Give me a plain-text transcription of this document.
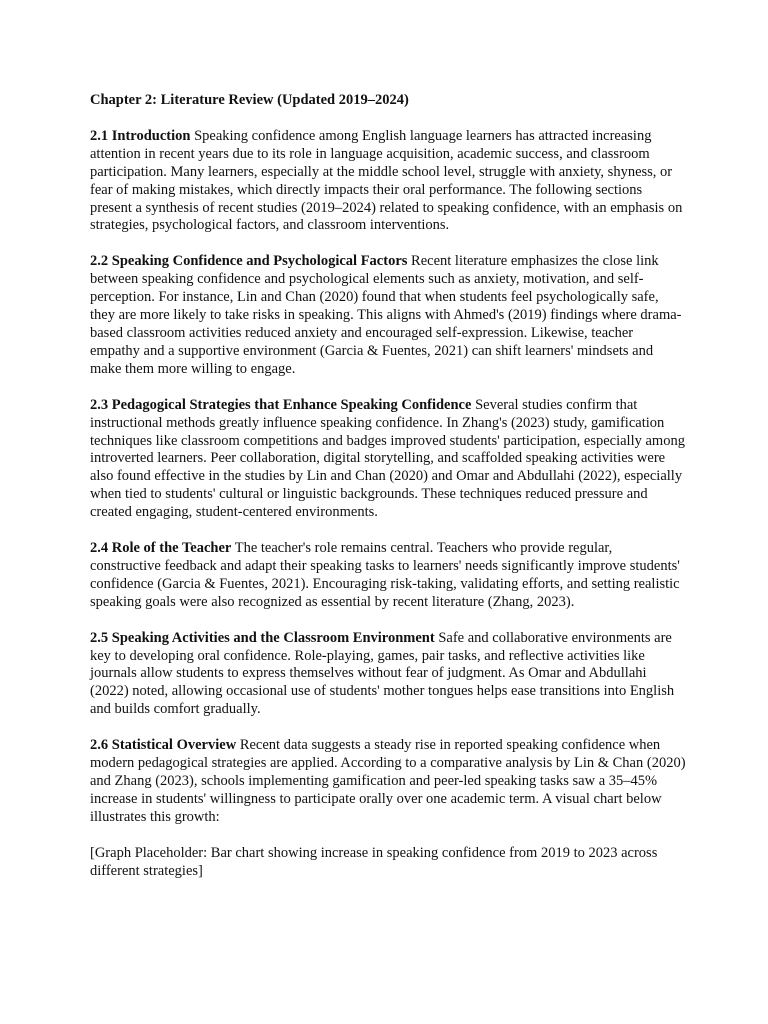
Chapter 2: Literature Review (Updated 2019–2024)

2.1 Introduction Speaking confidence among English language learners has attracted increasing attention in recent years due to its role in language acquisition, academic success, and classroom participation. Many learners, especially at the middle school level, struggle with anxiety, shyness, or fear of making mistakes, which directly impacts their oral performance. The following sections present a synthesis of recent studies (2019–2024) related to speaking confidence, with an emphasis on strategies, psychological factors, and classroom interventions.

2.2 Speaking Confidence and Psychological Factors Recent literature emphasizes the close link between speaking confidence and psychological elements such as anxiety, motivation, and self-perception. For instance, Lin and Chan (2020) found that when students feel psychologically safe, they are more likely to take risks in speaking. This aligns with Ahmed's (2019) findings where drama-based classroom activities reduced anxiety and encouraged self-expression. Likewise, teacher empathy and a supportive environment (Garcia & Fuentes, 2021) can shift learners' mindsets and make them more willing to engage.

2.3 Pedagogical Strategies that Enhance Speaking Confidence Several studies confirm that instructional methods greatly influence speaking confidence. In Zhang's (2023) study, gamification techniques like classroom competitions and badges improved students' participation, especially among introverted learners. Peer collaboration, digital storytelling, and scaffolded speaking activities were also found effective in the studies by Lin and Chan (2020) and Omar and Abdullahi (2022), especially when tied to students' cultural or linguistic backgrounds. These techniques reduced pressure and created engaging, student-centered environments.

2.4 Role of the Teacher The teacher's role remains central. Teachers who provide regular, constructive feedback and adapt their speaking tasks to learners' needs significantly improve students' confidence (Garcia & Fuentes, 2021). Encouraging risk-taking, validating efforts, and setting realistic speaking goals were also recognized as essential by recent literature (Zhang, 2023).

2.5 Speaking Activities and the Classroom Environment Safe and collaborative environments are key to developing oral confidence. Role-playing, games, pair tasks, and reflective activities like journals allow students to express themselves without fear of judgment. As Omar and Abdullahi (2022) noted, allowing occasional use of students' mother tongues helps ease transitions into English and builds comfort gradually.

2.6 Statistical Overview Recent data suggests a steady rise in reported speaking confidence when modern pedagogical strategies are applied. According to a comparative analysis by Lin & Chan (2020) and Zhang (2023), schools implementing gamification and peer-led speaking tasks saw a 35–45% increase in students' willingness to participate orally over one academic term. A visual chart below illustrates this growth:

[Graph Placeholder: Bar chart showing increase in speaking confidence from 2019 to 2023 across different strategies]
